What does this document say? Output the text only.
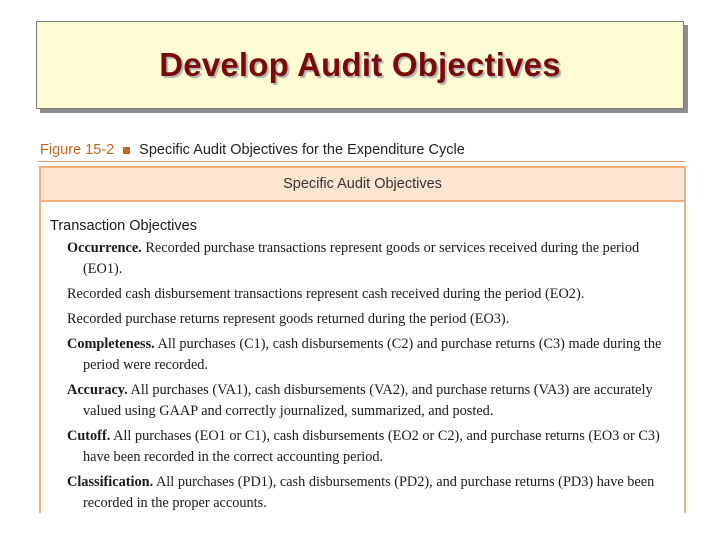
Develop Audit Objectives
Figure 15-2 Specific Audit Objectives for the Expenditure Cycle
Specific Audit Objectives
Transaction Objectives

Occurrence. Recorded purchase transactions represent goods or services received during the period (EO1).

Recorded cash disbursement transactions represent cash received during the period (EO2).

Recorded purchase returns represent goods returned during the period (EO3).

Completeness. All purchases (C1), cash disbursements (C2) and purchase returns (C3) made during the period were recorded.

Accuracy. All purchases (VA1), cash disbursements (VA2), and purchase returns (VA3) are accurately valued using GAAP and correctly journalized, summarized, and posted.

Cutoff. All purchases (EO1 or C1), cash disbursements (EO2 or C2), and purchase returns (EO3 or C3) have been recorded in the correct accounting period.

Classification. All purchases (PD1), cash disbursements (PD2), and purchase returns (PD3) have been recorded in the proper accounts.
